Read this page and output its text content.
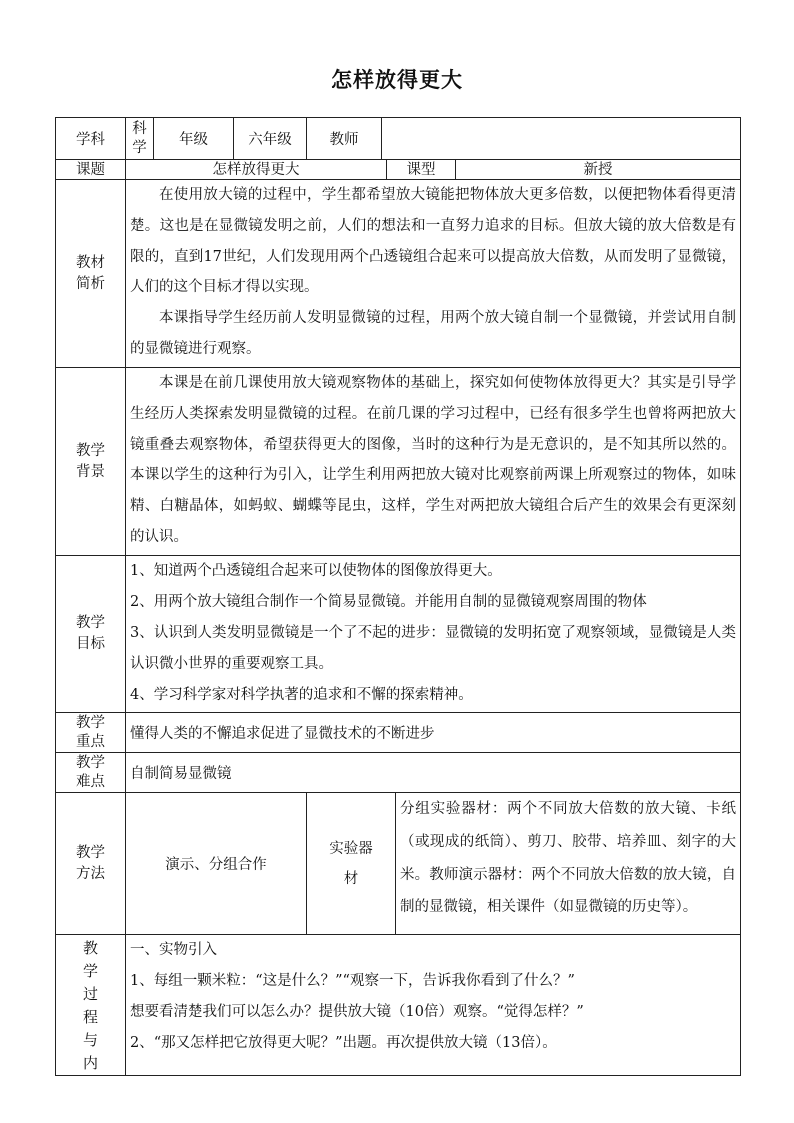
怎样放得更大
学科	科学	年级	六年级	教师				
课题	怎样放得更大					课型		新授

教材简析	在使用放大镜的过程中，学生都希望放大镜能把物体放大更多倍数，以便把物体看得更清楚。这也是在显微镜发明之前，人们的想法和一直努力追求的目标。但放大镜的放大倍数是有限的，直到17世纪，人们发现用两个凸透镜组合起来可以提高放大倍数，从而发明了显微镜，人们的这个目标才得以实现。

本课指导学生经历前人发明显微镜的过程，用两个放大镜自制一个显微镜，并尝试用自制的显微镜进行观察。							

教学背景	本课是在前几课使用放大镜观察物体的基础上，探究如何使物体放得更大？其实是引导学生经历人类探索发明显微镜的过程。在前几课的学习过程中，已经有很多学生也曾将两把放大镜重叠去观察物体，希望获得更大的图像，当时的这种行为是无意识的，是不知其所以然的。本课以学生的这种行为引入，让学生利用两把放大镜对比观察前两课上所观察过的物体，如味精、白糖晶体，如蚂蚁、蝴蝶等昆虫，这样，学生对两把放大镜组合后产生的效果会有更深刻的认识。							

教学目标	1、知道两个凸透镜组合起来可以使物体的图像放得更大。

2、用两个放大镜组合制作一个简易显微镜。并能用自制的显微镜观察周围的物体

3、认识到人类发明显微镜是一个了不起的进步：显微镜的发明拓宽了观察领域，显微镜是人类认识微小世界的重要观察工具。

4、学习科学家对科学执著的追求和不懈的探索精神。							

教学重点	懂得人类的不懈追求促进了显微技术的不断进步							

教学难点	自制简易显微镜							

教学方法	演示、分组合作			实验器材			分组实验器材：两个不同放大倍数的放大镜、卡纸（或现成的纸筒）、剪刀、胶带、培养皿、刻字的大米。教师演示器材：两个不同放大倍数的放大镜，自制的显微镜，相关课件（如显微镜的历史等）。	

教学过程与内	一、实物引入

1、每组一颗米粒：“这是什么？”“观察一下，告诉我你看到了什么？”

想要看清楚我们可以怎么办？提供放大镜（10倍）观察。“觉得怎样？”

2、“那又怎样把它放得更大呢？”出题。再次提供放大镜（13倍）。							
